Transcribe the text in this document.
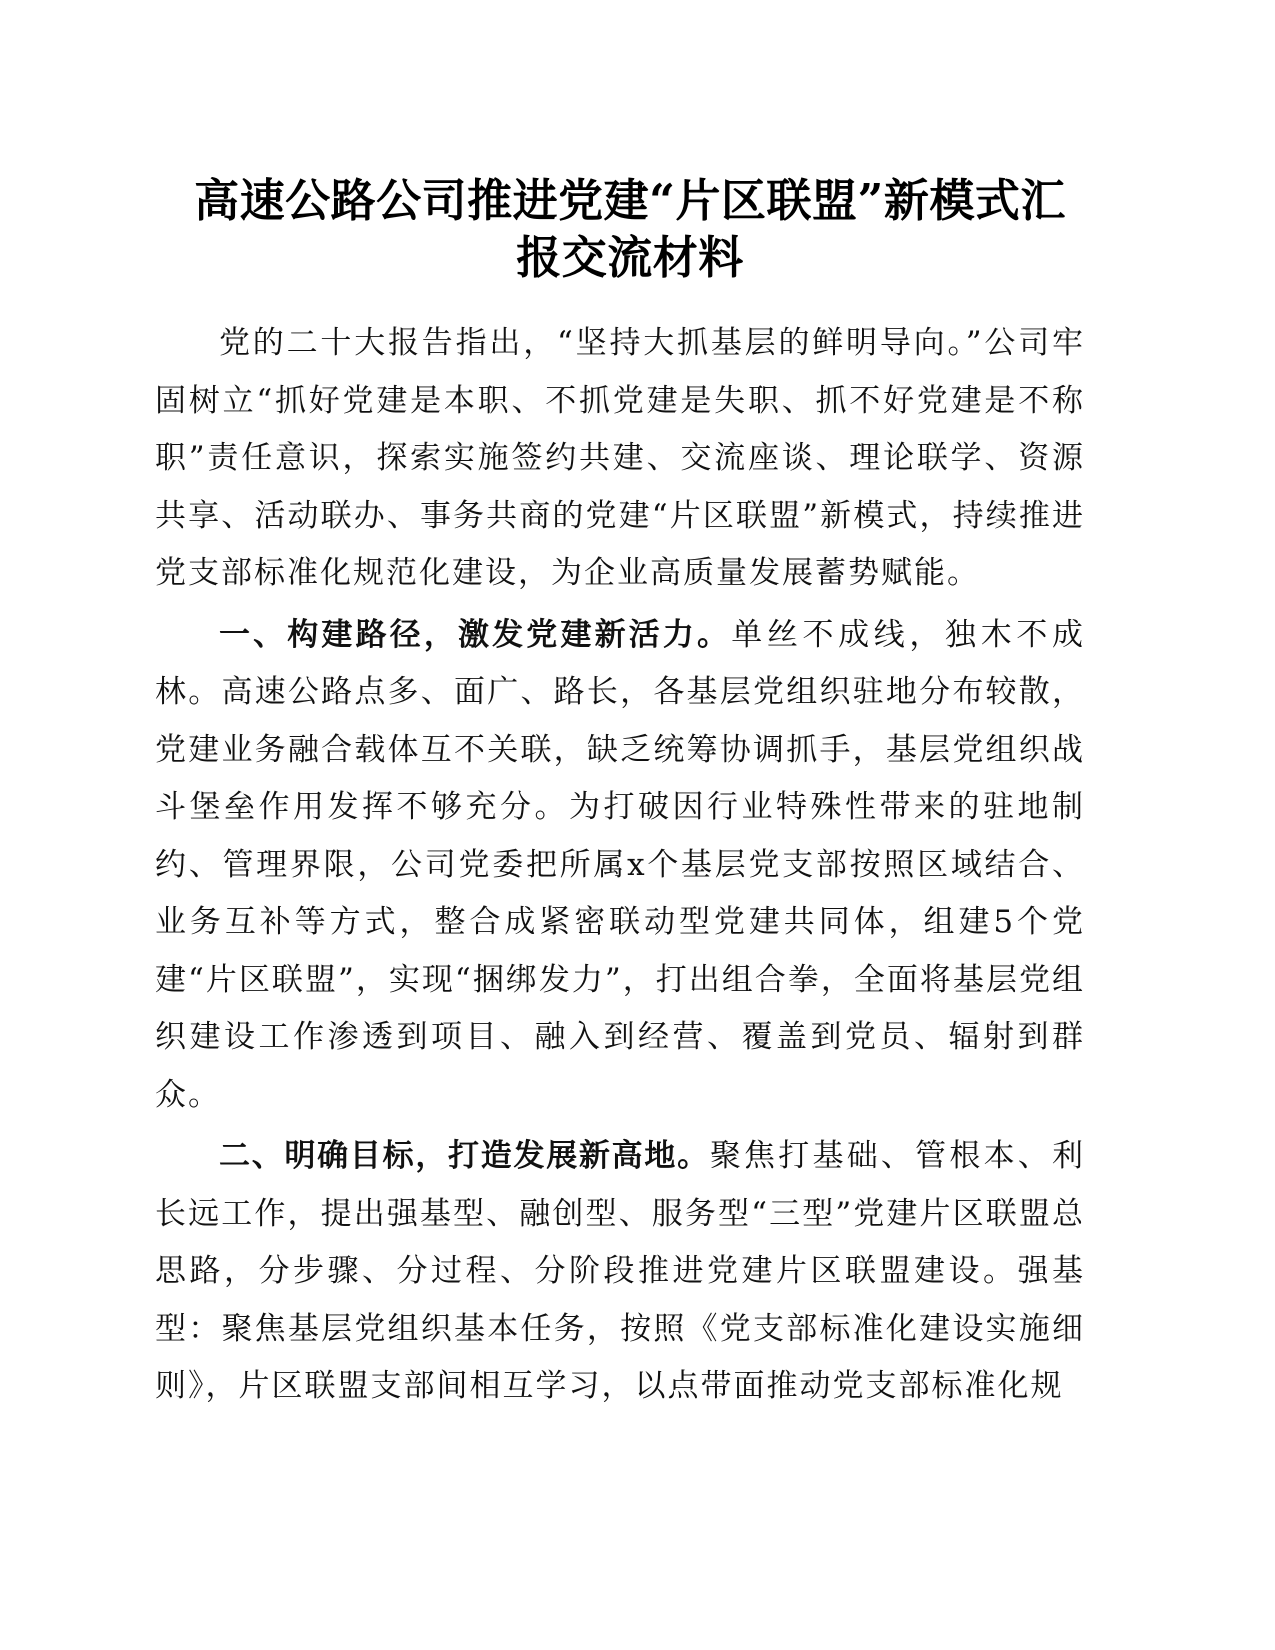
高速公路公司推进党建“片区联盟”新模式汇
报交流材料

党的二十大报告指出，“坚持大抓基层的鲜明导向。”公司牢固树立“抓好党建是本职、不抓党建是失职、抓不好党建是不称职”责任意识，探索实施签约共建、交流座谈、理论联学、资源共享、活动联办、事务共商的党建“片区联盟”新模式，持续推进党支部标准化规范化建设，为企业高质量发展蓄势赋能。

一、构建路径，激发党建新活力。单丝不成线，独木不成林。高速公路点多、面广、路长，各基层党组织驻地分布较散，党建业务融合载体互不关联，缺乏统筹协调抓手，基层党组织战斗堡垒作用发挥不够充分。为打破因行业特殊性带来的驻地制约、管理界限，公司党委把所属x个基层党支部按照区域结合、业务互补等方式，整合成紧密联动型党建共同体，组建5个党建“片区联盟”，实现“捆绑发力”，打出组合拳，全面将基层党组织建设工作渗透到项目、融入到经营、覆盖到党员、辐射到群众。

二、明确目标，打造发展新高地。聚焦打基础、管根本、利长远工作，提出强基型、融创型、服务型“三型”党建片区联盟总思路，分步骤、分过程、分阶段推进党建片区联盟建设。强基型：聚焦基层党组织基本任务，按照《党支部标准化建设实施细则》，片区联盟支部间相互学习，以点带面推动党支部标准化规
